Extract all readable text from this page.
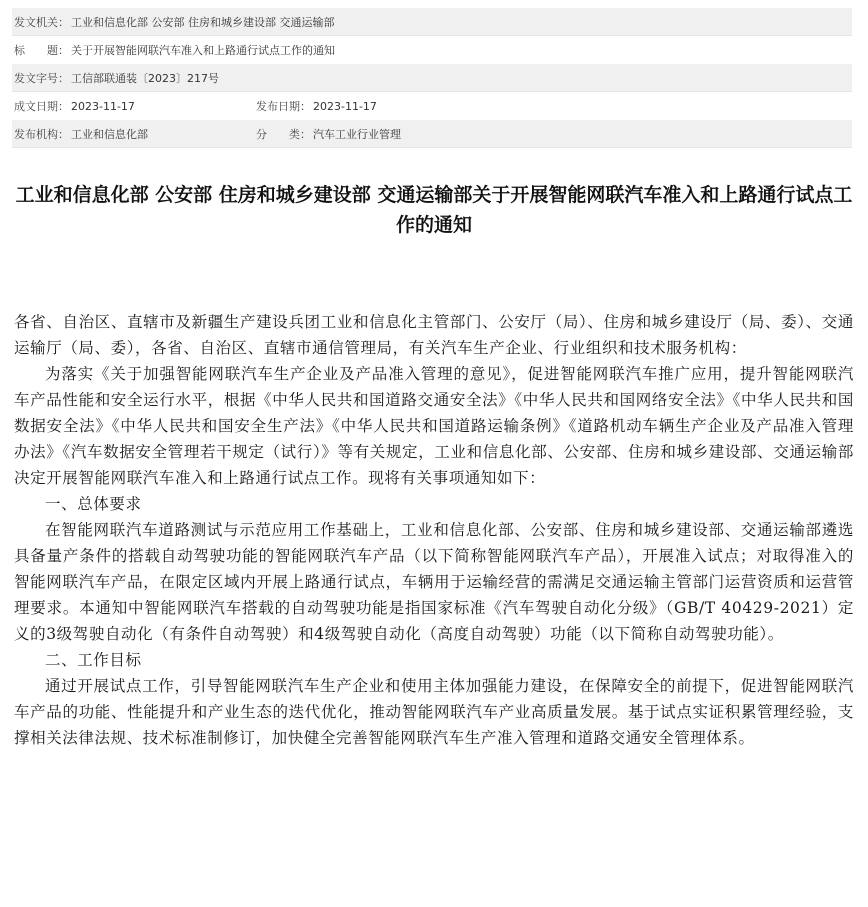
发文机关： 工业和信息化部 公安部 住房和城乡建设部 交通运输部
标　　题： 关于开展智能网联汽车准入和上路通行试点工作的通知
发文字号： 工信部联通装〔2023〕217号
成文日期： 2023-11-17	发布日期： 2023-11-17
发布机构： 工业和信息化部	分　　类： 汽车工业行业管理
工业和信息化部 公安部 住房和城乡建设部 交通运输部关于开展智能网联汽车准入和上路通行试点工作的通知

各省、自治区、直辖市及新疆生产建设兵团工业和信息化主管部门、公安厅（局）、住房和城乡建设厅（局、委）、交通运输厅（局、委），各省、自治区、直辖市通信管理局，有关汽车生产企业、行业组织和技术服务机构：

为落实《关于加强智能网联汽车生产企业及产品准入管理的意见》，促进智能网联汽车推广应用，提升智能网联汽车产品性能和安全运行水平，根据《中华人民共和国道路交通安全法》《中华人民共和国网络安全法》《中华人民共和国数据安全法》《中华人民共和国安全生产法》《中华人民共和国道路运输条例》《道路机动车辆生产企业及产品准入管理办法》《汽车数据安全管理若干规定（试行）》等有关规定，工业和信息化部、公安部、住房和城乡建设部、交通运输部决定开展智能网联汽车准入和上路通行试点工作。现将有关事项通知如下：

一、总体要求

在智能网联汽车道路测试与示范应用工作基础上，工业和信息化部、公安部、住房和城乡建设部、交通运输部遴选具备量产条件的搭载自动驾驶功能的智能网联汽车产品（以下简称智能网联汽车产品），开展准入试点；对取得准入的智能网联汽车产品，在限定区域内开展上路通行试点，车辆用于运输经营的需满足交通运输主管部门运营资质和运营管理要求。本通知中智能网联汽车搭载的自动驾驶功能是指国家标准《汽车驾驶自动化分级》（GB/T 40429-2021）定义的3级驾驶自动化（有条件自动驾驶）和4级驾驶自动化（高度自动驾驶）功能（以下简称自动驾驶功能）。

二、工作目标

通过开展试点工作，引导智能网联汽车生产企业和使用主体加强能力建设，在保障安全的前提下，促进智能网联汽车产品的功能、性能提升和产业生态的迭代优化，推动智能网联汽车产业高质量发展。基于试点实证积累管理经验，支撑相关法律法规、技术标准制修订，加快健全完善智能网联汽车生产准入管理和道路交通安全管理体系。
